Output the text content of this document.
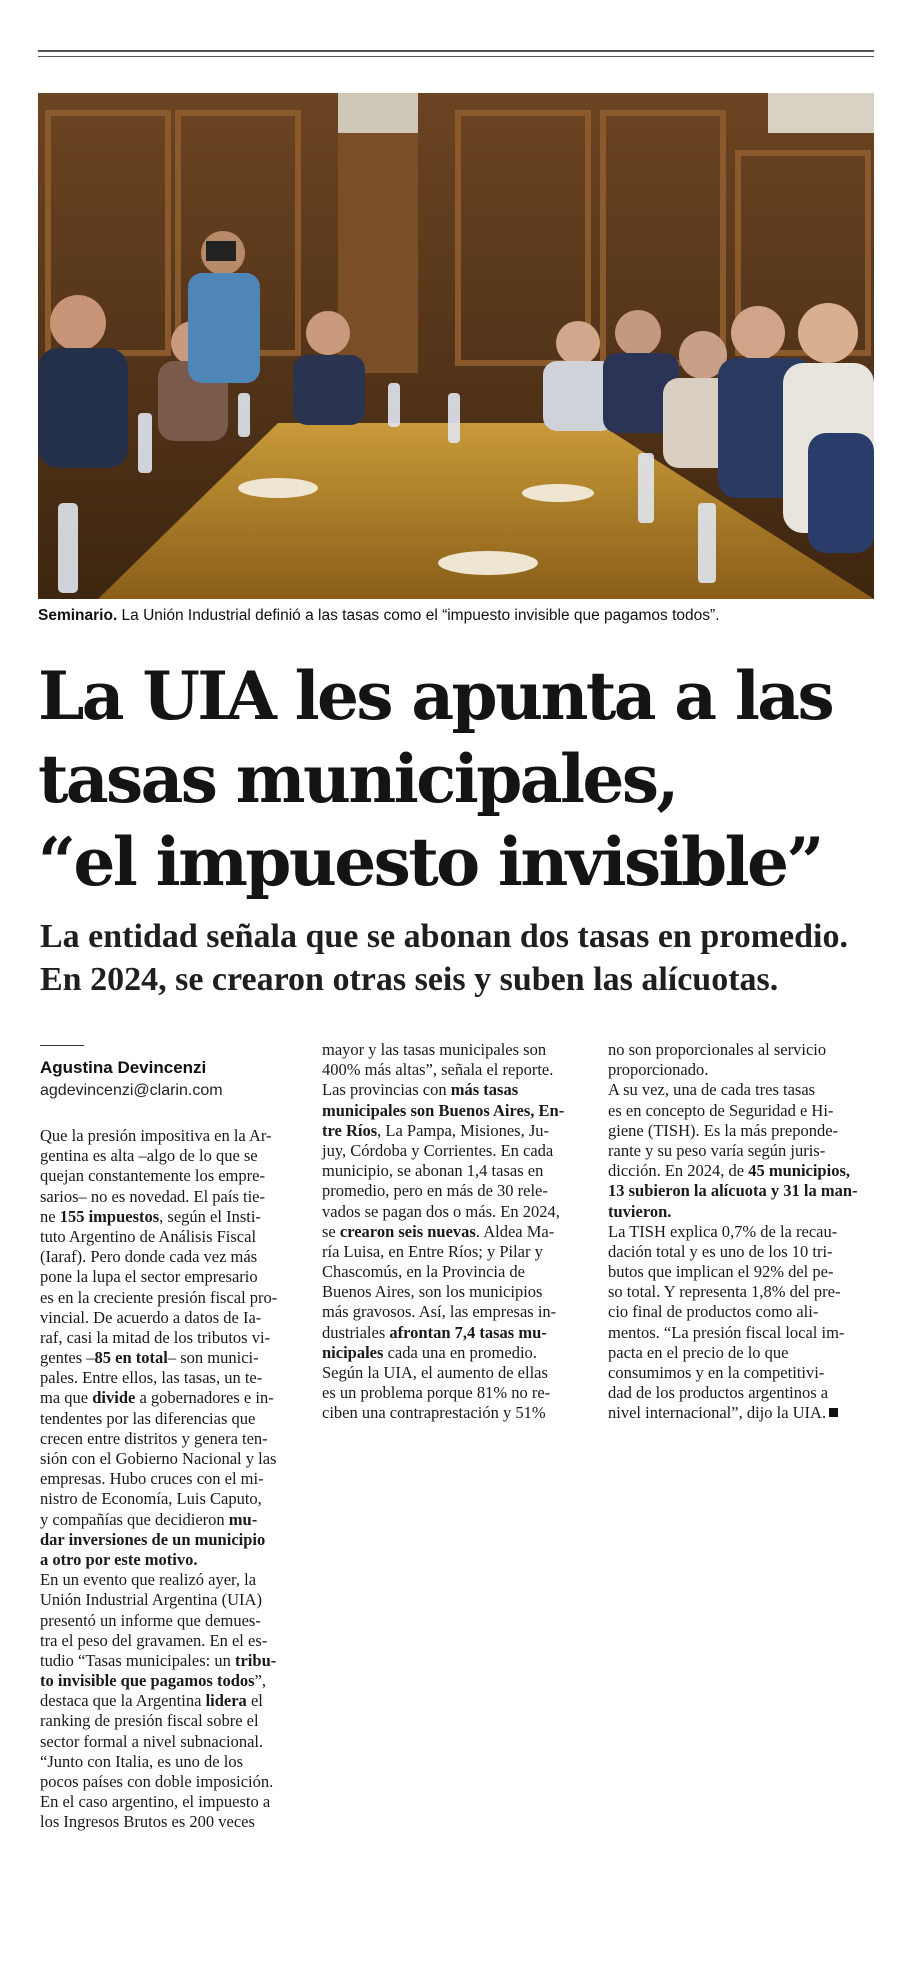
Seminario. La Unión Industrial definió a las tasas como el “impuesto invisible que pagamos todos”.
La UIA les apunta a las
tasas municipales,
“el impuesto invisible”
La entidad señala que se abonan dos tasas en promedio.
En 2024, se crearon otras seis y suben las alícuotas.
Agustina Devincenzi
agdevincenzi@clarin.com
Que la presión impositiva en la Ar-
gentina es alta –algo de lo que se
quejan constantemente los empre-
sarios– no es novedad. El país tie-
ne 155 impuestos, según el Insti-
tuto Argentino de Análisis Fiscal
(Iaraf). Pero donde cada vez más
pone la lupa el sector empresario
es en la creciente presión fiscal pro-
vincial. De acuerdo a datos de Ia-
raf, casi la mitad de los tributos vi-
gentes –85 en total– son munici-
pales. Entre ellos, las tasas, un te-
ma que divide a gobernadores e in-
tendentes por las diferencias que
crecen entre distritos y genera ten-
sión con el Gobierno Nacional y las
empresas. Hubo cruces con el mi-
nistro de Economía, Luis Caputo,
y compañías que decidieron mu-
dar inversiones de un municipio
a otro por este motivo.
En un evento que realizó ayer, la
Unión Industrial Argentina (UIA)
presentó un informe que demues-
tra el peso del gravamen. En el es-
tudio “Tasas municipales: un tribu-
to invisible que pagamos todos”,
destaca que la Argentina lidera el
ranking de presión fiscal sobre el
sector formal a nivel subnacional.
“Junto con Italia, es uno de los
pocos países con doble imposición.
En el caso argentino, el impuesto a
los Ingresos Brutos es 200 veces
mayor y las tasas municipales son
400% más altas”, señala el reporte.
Las provincias con más tasas
municipales son Buenos Aires, En-
tre Ríos, La Pampa, Misiones, Ju-
juy, Córdoba y Corrientes. En cada
municipio, se abonan 1,4 tasas en
promedio, pero en más de 30 rele-
vados se pagan dos o más. En 2024,
se crearon seis nuevas. Aldea Ma-
ría Luisa, en Entre Ríos; y Pilar y
Chascomús, en la Provincia de
Buenos Aires, son los municipios
más gravosos. Así, las empresas in-
dustriales afrontan 7,4 tasas mu-
nicipales cada una en promedio.
Según la UIA, el aumento de ellas
es un problema porque 81% no re-
ciben una contraprestación y 51%
no son proporcionales al servicio
proporcionado.
A su vez, una de cada tres tasas
es en concepto de Seguridad e Hi-
giene (TISH). Es la más prepondе-
rante y su peso varía según juris-
dicción. En 2024, de 45 municipios,
13 subieron la alícuota y 31 la man-
tuvieron.
La TISH explica 0,7% de la recau-
dación total y es uno de los 10 tri-
butos que implican el 92% del pe-
so total. Y representa 1,8% del pre-
cio final de productos como ali-
mentos. “La presión fiscal local im-
pacta en el precio de lo que
consumimos y en la competitivi-
dad de los productos argentinos a
nivel internacional”, dijo la UIA.
